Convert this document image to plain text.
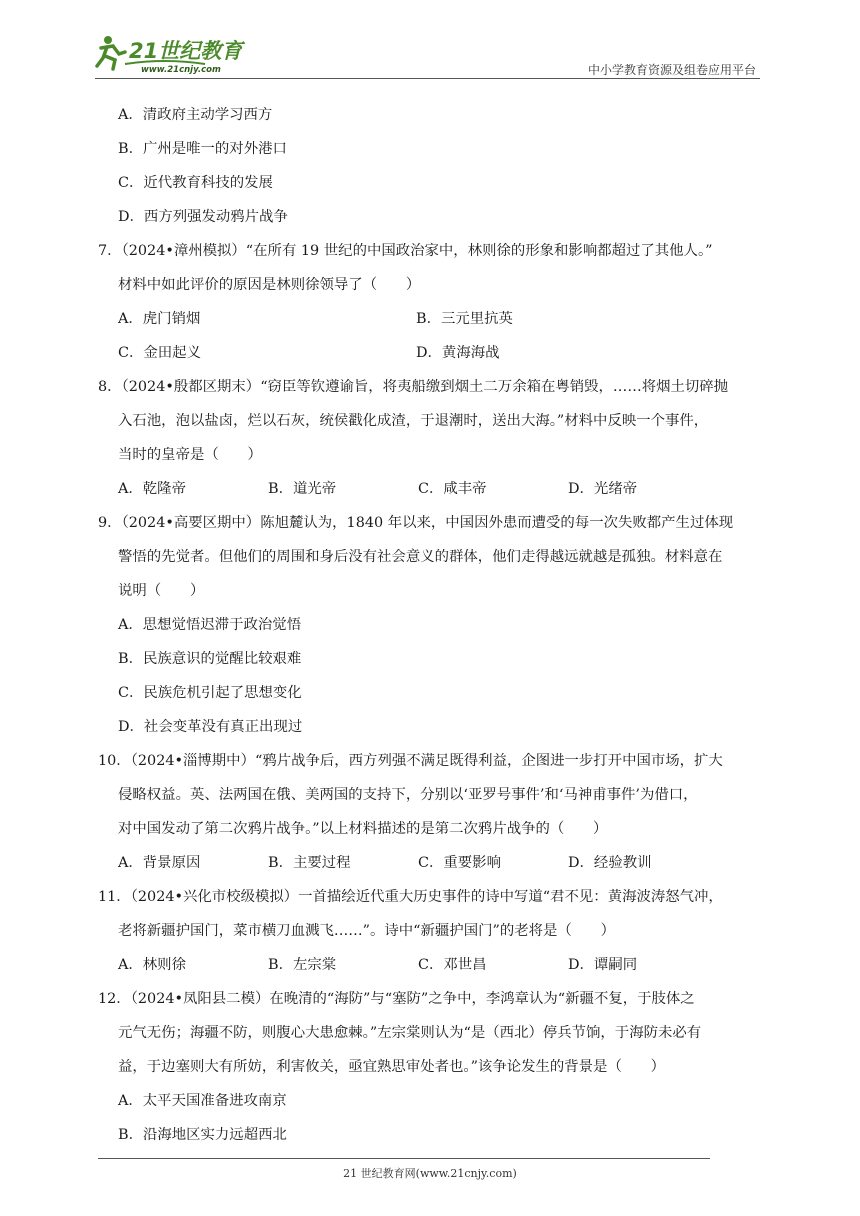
21世纪教育
www.21cnjy.com	中小学教育资源及组卷应用平台
A．清政府主动学习西方
B．广州是唯一的对外港口
C．近代教育科技的发展
D．西方列强发动鸦片战争
7．（2024•漳州模拟）“在所有 19 世纪的中国政治家中，林则徐的形象和影响都超过了其他人。”
材料中如此评价的原因是林则徐领导了（　　）
A．虎门销烟	B．三元里抗英
C．金田起义	D．黄海海战
8．（2024•殷都区期末）“窃臣等钦遵谕旨，将夷船缴到烟土二万余箱在粤销毁，……将烟土切碎抛
入石池，泡以盐卤，烂以石灰，统侯戳化成渣，于退潮时，送出大海。”材料中反映一个事件，
当时的皇帝是（　　）
A．乾隆帝	B．道光帝	C．咸丰帝	D．光绪帝
9．（2024•高要区期中）陈旭麓认为，1840 年以来，中国因外患而遭受的每一次失败都产生过体现
警悟的先觉者。但他们的周围和身后没有社会意义的群体，他们走得越远就越是孤独。材料意在
说明（　　）
A．思想觉悟迟滞于政治觉悟
B．民族意识的觉醒比较艰难
C．民族危机引起了思想变化
D．社会变革没有真正出现过
10．（2024•淄博期中）“鸦片战争后，西方列强不满足既得利益，企图进一步打开中国市场，扩大
侵略权益。英、法两国在俄、美两国的支持下，分别以‘亚罗号事件’和‘马神甫事件’为借口，
对中国发动了第二次鸦片战争。”以上材料描述的是第二次鸦片战争的（　　）
A．背景原因	B．主要过程	C．重要影响	D．经验教训
11．（2024•兴化市校级模拟）一首描绘近代重大历史事件的诗中写道“君不见：黄海波涛怒气冲，
老将新疆护国门，菜市横刀血溅飞……”。诗中“新疆护国门”的老将是（　　）
A．林则徐	B．左宗棠	C．邓世昌	D．谭嗣同
12．（2024•凤阳县二模）在晚清的“海防”与“塞防”之争中，李鸿章认为“新疆不复，于肢体之
元气无伤；海疆不防，则腹心大患愈棘。”左宗棠则认为“是（西北）停兵节饷，于海防未必有
益，于边塞则大有所妨，利害攸关，亟宜熟思审处者也。”该争论发生的背景是（　　）
A．太平天国准备进攻南京
B．沿海地区实力远超西北
21 世纪教育网(www.21cnjy.com)
